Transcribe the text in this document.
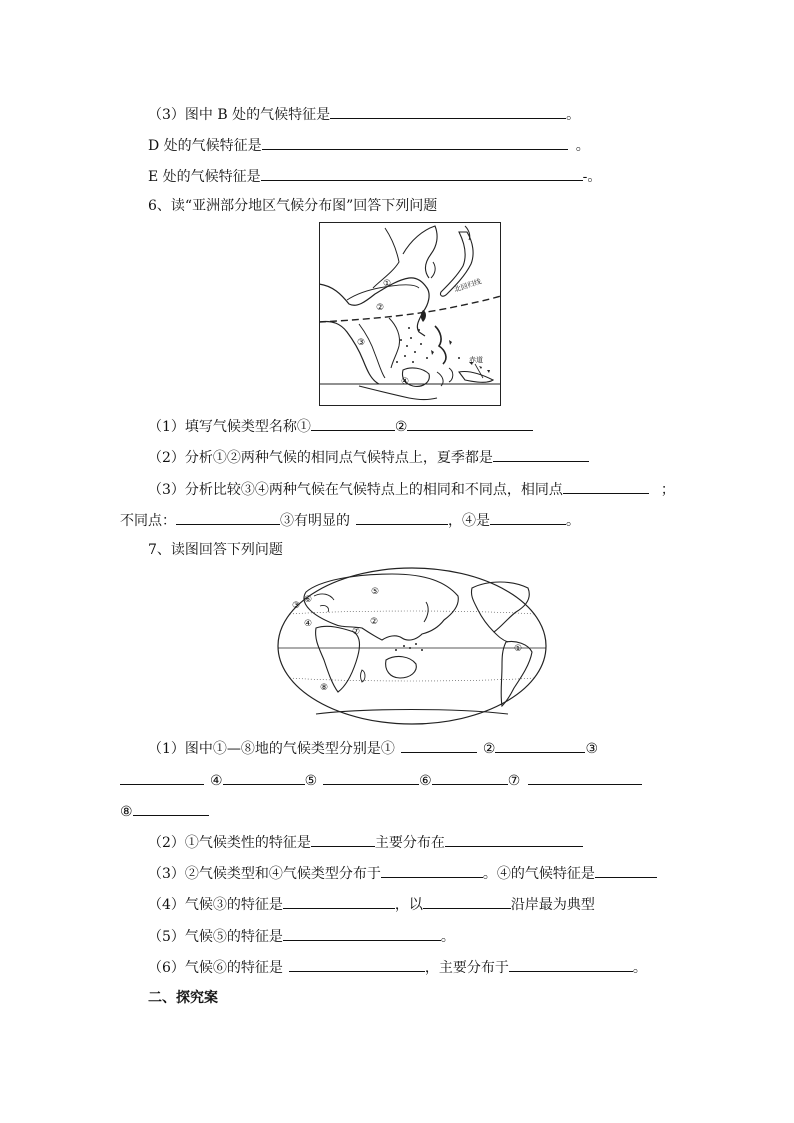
（3）图中 B 处的气候特征是	。
D 处的气候特征是	。
E 处的气候特征是	-。
6、读“亚洲部分地区气候分布图”回答下列问题
北回归线
赤道
①
②
③
④
（1）填写气候类型名称①	②
（2）分析①②两种气候的相同点气候特点上，夏季都是
（3）分析比较③④两种气候在气候特点上的相同和不同点，相同点	；
不同点：	③有明显的	，④是	。
7、读图回答下列问题
①
②
③
④
⑤
⑥
⑦
⑧
（1）图中①—⑧地的气候类型分别是①	②	③
④	⑤	⑥	⑦
⑧
（2）①气候类性的特征是	主要分布在
（3）②气候类型和④气候类型分布于	。④的气候特征是
（4）气候③的特征是	，以	沿岸最为典型
（5）气候⑤的特征是	。
（6）气候⑥的特征是	，主要分布于	。
二、探究案
